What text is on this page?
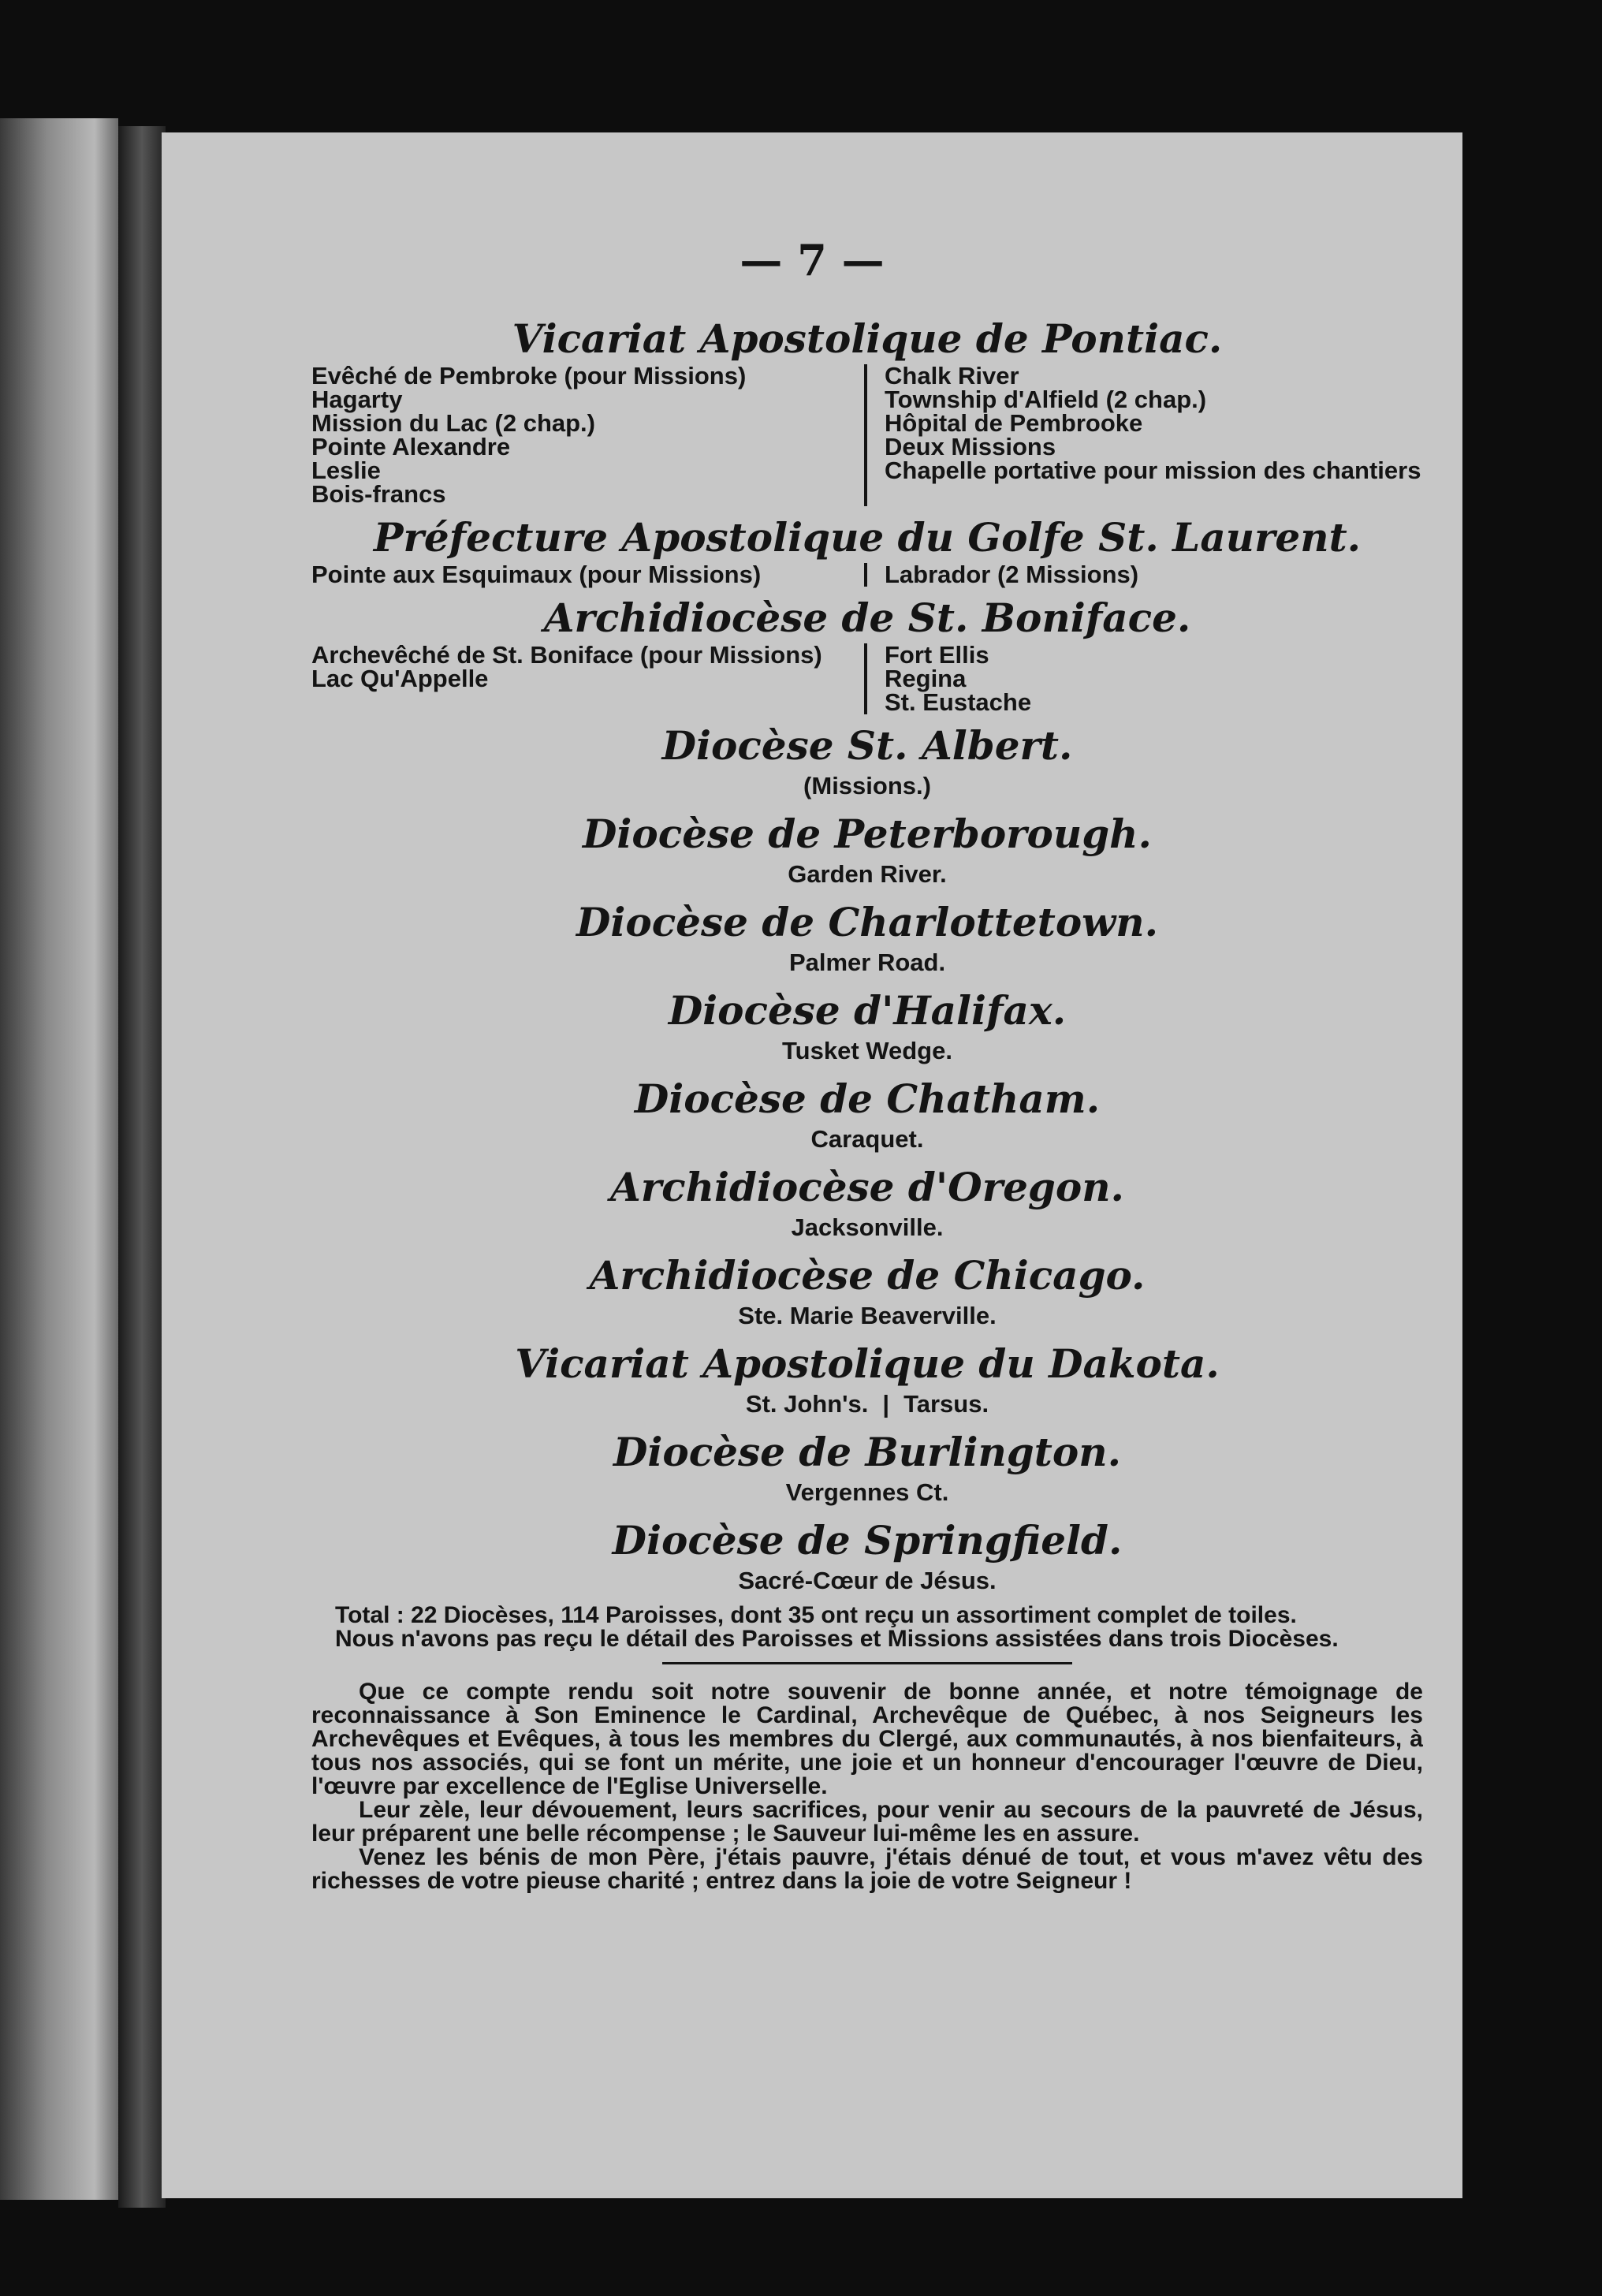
— 7 —

Vicariat Apostolique de Pontiac.

Evêché de Pembroke (pour Missions)

Hagarty

Mission du Lac (2 chap.)

Pointe Alexandre

Leslie

Bois-francs

Chalk River

Township d'Alfield (2 chap.)

Hôpital de Pembrooke

Deux Missions

Chapelle portative pour mission des chantiers

Préfecture Apostolique du Golfe St. Laurent.

Pointe aux Esquimaux (pour Missions)	Labrador (2 Missions)

Archidiocèse de St. Boniface.

Archevêché de St. Boniface (pour Missions)

Lac Qu'Appelle

Fort Ellis

Regina

St. Eustache

Diocèse St. Albert.

(Missions.)

Diocèse de Peterborough.

Garden River.

Diocèse de Charlottetown.

Palmer Road.

Diocèse d'Halifax.

Tusket Wedge.

Diocèse de Chatham.

Caraquet.

Archidiocèse d'Oregon.

Jacksonville.

Archidiocèse de Chicago.

Ste. Marie Beaverville.

Vicariat Apostolique du Dakota.

St. John's. | Tarsus.

Diocèse de Burlington.

Vergennes Ct.

Diocèse de Springfield.

Sacré-Cœur de Jésus.

Total : 22 Diocèses, 114 Paroisses, dont 35 ont reçu un assortiment complet de toiles.

Nous n'avons pas reçu le détail des Paroisses et Missions assistées dans trois Diocèses.

Que ce compte rendu soit notre souvenir de bonne année, et notre témoignage de reconnaissance à Son Eminence le Cardinal, Archevêque de Québec, à nos Seigneurs les Archevêques et Evêques, à tous les membres du Clergé, aux communautés, à nos bienfaiteurs, à tous nos associés, qui se font un mérite, une joie et un honneur d'encourager l'œuvre de Dieu, l'œuvre par excellence de l'Eglise Universelle.

Leur zèle, leur dévouement, leurs sacrifices, pour venir au secours de la pauvreté de Jésus, leur préparent une belle récompense ; le Sauveur lui-même les en assure.

Venez les bénis de mon Père, j'étais pauvre, j'étais dénué de tout, et vous m'avez vêtu des richesses de votre pieuse charité ; entrez dans la joie de votre Seigneur !
